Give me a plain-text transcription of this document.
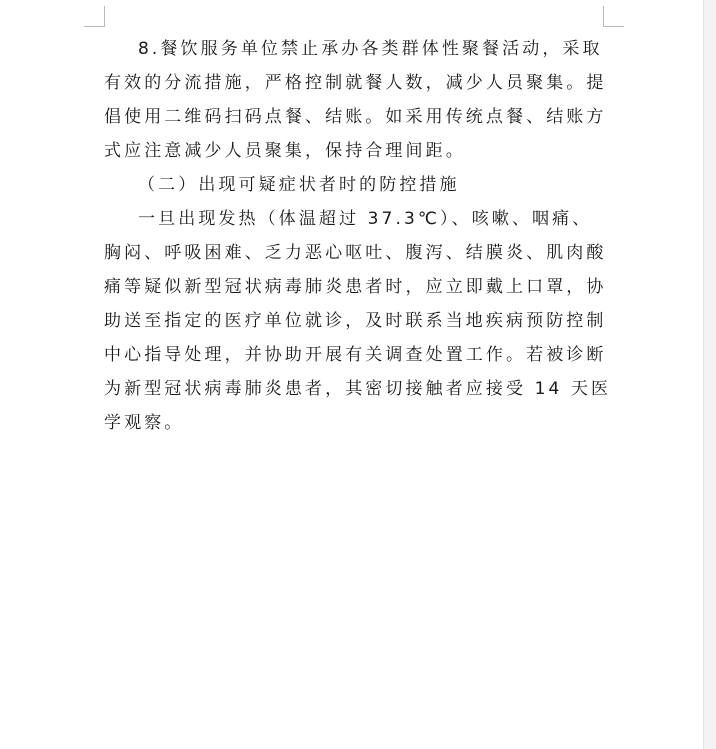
8.餐饮服务单位禁止承办各类群体性聚餐活动，采取
有效的分流措施，严格控制就餐人数，减少人员聚集。提
倡使用二维码扫码点餐、结账。如采用传统点餐、结账方
式应注意减少人员聚集，保持合理间距。
（二）出现可疑症状者时的防控措施
一旦出现发热（体温超过 37.3℃）、咳嗽、咽痛、
胸闷、呼吸困难、乏力恶心呕吐、腹泻、结膜炎、肌肉酸
痛等疑似新型冠状病毒肺炎患者时，应立即戴上口罩，协
助送至指定的医疗单位就诊，及时联系当地疾病预防控制
中心指导处理，并协助开展有关调查处置工作。若被诊断
为新型冠状病毒肺炎患者，其密切接触者应接受 14 天医
学观察。
